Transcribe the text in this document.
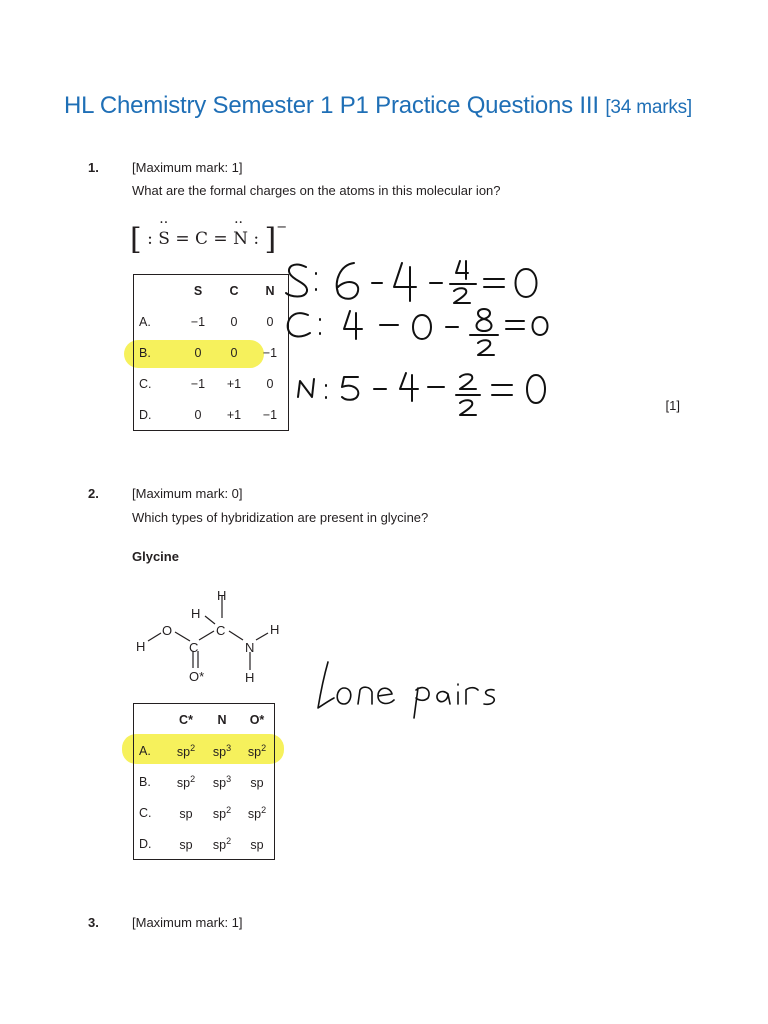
HL Chemistry Semester 1 P1 Practice Questions III [34 marks]
1.	[Maximum mark: 1]
What are the formal charges on the atoms in this molecular ion?
[ : ·· S = C = ·· N : ]−
	S	C	N
A.	−1	0	0
B.	0	0	−1
C.	−1	+1	0
D.	0	+1	−1
[1]
2.	[Maximum mark: 0]
Which types of hybridization are present in glycine?
Glycine
H
O
C
O*
H
H
C
N
H
H
	C*	N	O*
A.	$sp^2$	$sp^3$	$sp^2$
B.	$sp^2$	$sp^3$	sp
C.	sp	$sp^2$	$sp^2$
D.	sp	$sp^2$	sp
3.	[Maximum mark: 1]
